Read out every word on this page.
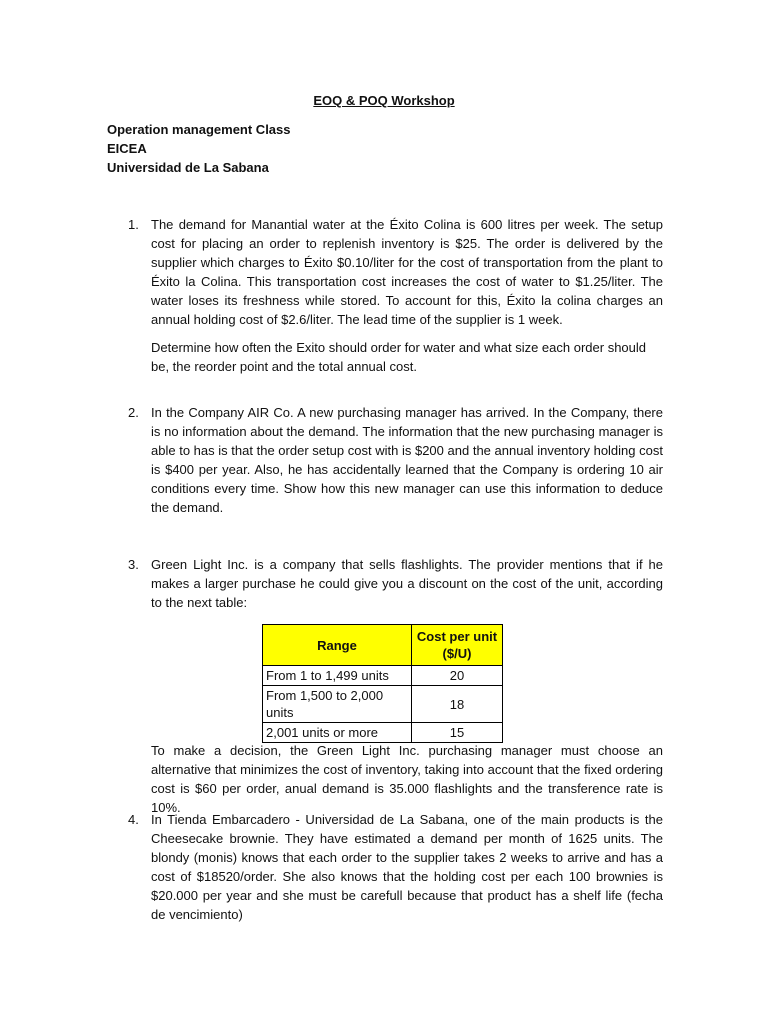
EOQ & POQ Workshop
Operation management Class
EICEA
Universidad de La Sabana
1. The demand for Manantial water at the Éxito Colina is 600 litres per week. The setup cost for placing an order to replenish inventory is $25. The order is delivered by the supplier which charges to Éxito $0.10/liter for the cost of transportation from the plant to Éxito la Colina. This transportation cost increases the cost of water to $1.25/liter. The water loses its freshness while stored. To account for this, Éxito la colina charges an annual holding cost of $2.6/liter. The lead time of the supplier is 1 week.
Determine how often the Exito should order for water and what size each order should be, the reorder point and the total annual cost.
2. In the Company AIR Co. A new purchasing manager has arrived. In the Company, there is no information about the demand. The information that the new purchasing manager is able to has is that the order setup cost with is $200 and the annual inventory holding cost is $400 per year. Also, he has accidentally learned that the Company is ordering 10 air conditions every time. Show how this new manager can use this information to deduce the demand.
3. Green Light Inc. is a company that sells flashlights. The provider mentions that if he makes a larger purchase he could give you a discount on the cost of the unit, according to the next table:
Range	Cost per unit ($/U)
From 1 to 1,499 units	20
From 1,500 to 2,000 units	18
2,001 units or more	15
To make a decision, the Green Light Inc. purchasing manager must choose an alternative that minimizes the cost of inventory, taking into account that the fixed ordering cost is $60 per order, anual demand is 35.000 flashlights and the transference rate is 10%.
4. In Tienda Embarcadero - Universidad de La Sabana, one of the main products is the Cheesecake brownie. They have estimated a demand per month of 1625 units. The blondy (monis) knows that each order to the supplier takes 2 weeks to arrive and has a cost of $18520/order. She also knows that the holding cost per each 100 brownies is $20.000 per year and she must be carefull because that product has a shelf life (fecha de vencimiento)
